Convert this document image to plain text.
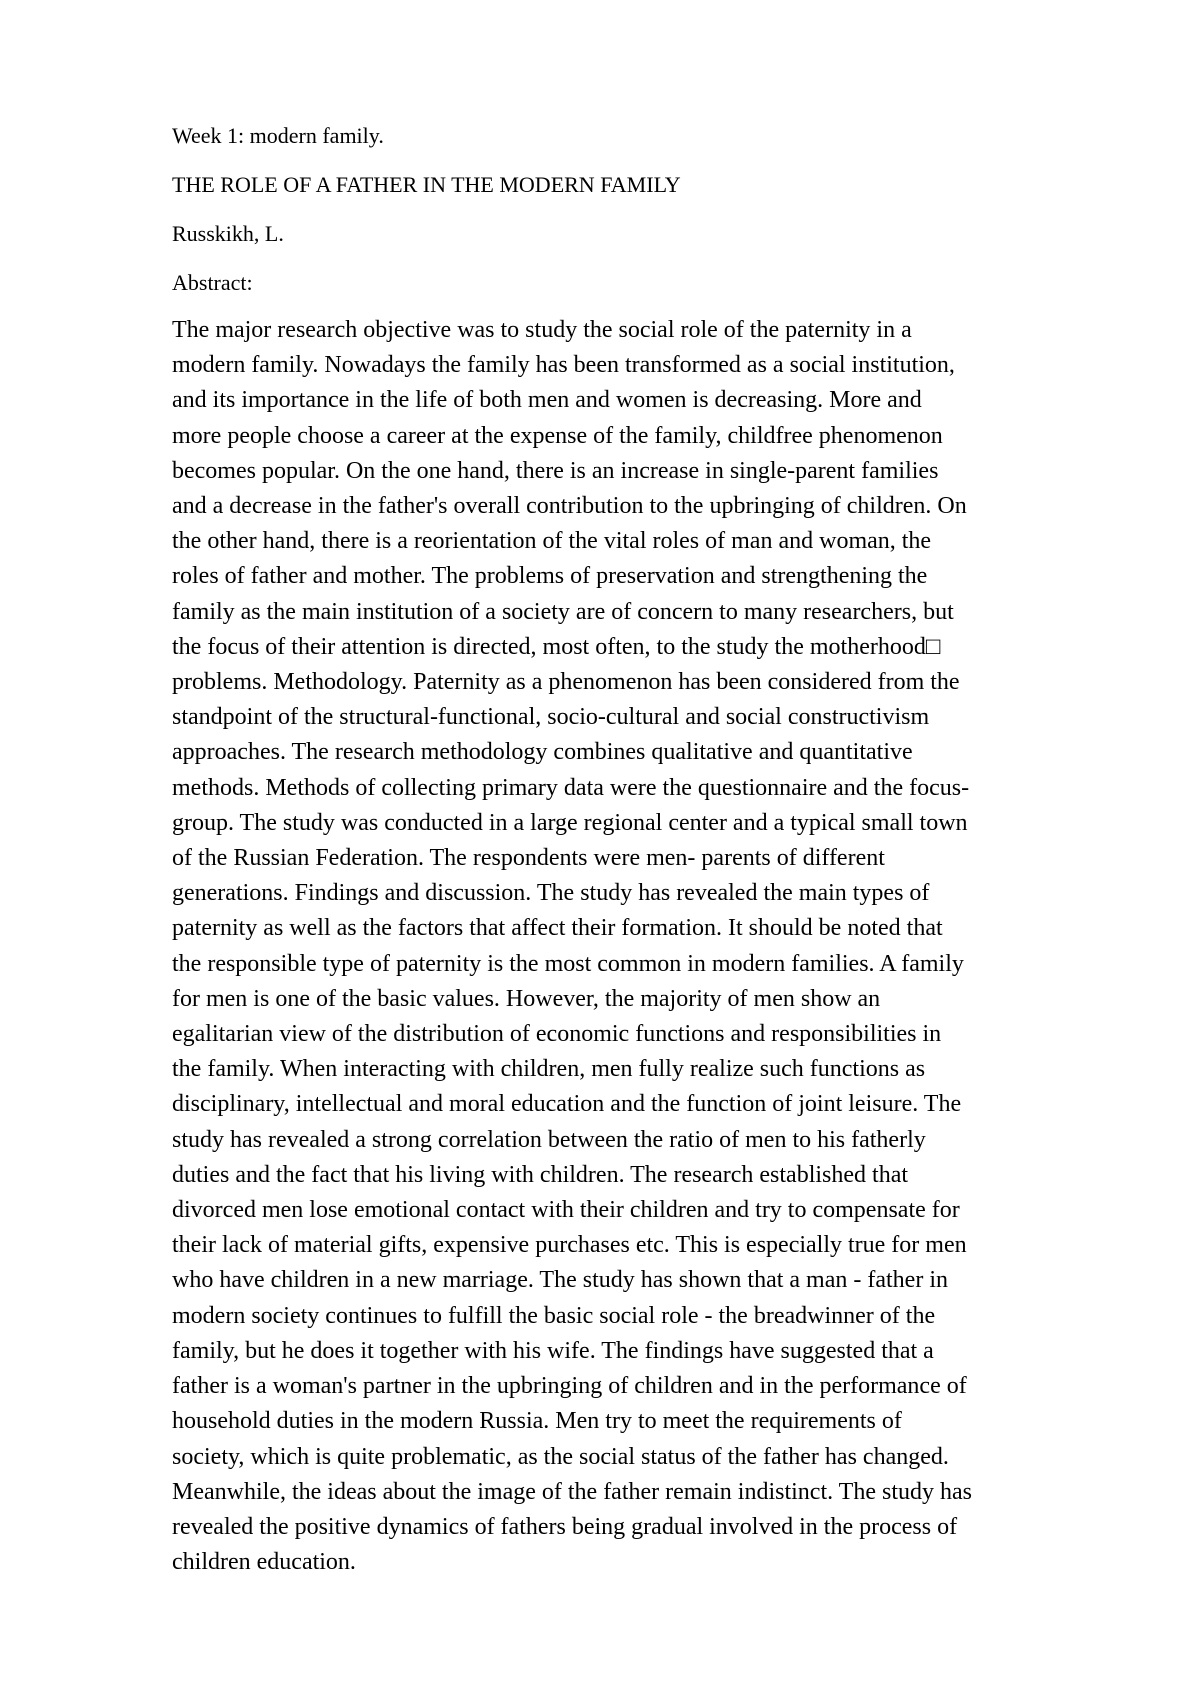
Week 1: modern family.

THE ROLE OF A FATHER IN THE MODERN FAMILY

Russkikh, L.

Abstract:

The major research objective was to study the social role of the paternity in a
modern family. Nowadays the family has been transformed as a social institution,
and its importance in the life of both men and women is decreasing. More and
more people choose a career at the expense of the family, childfree phenomenon
becomes popular. On the one hand, there is an increase in single-parent families
and a decrease in the father's overall contribution to the upbringing of children. On
the other hand, there is a reorientation of the vital roles of man and woman, the
roles of father and mother. The problems of preservation and strengthening the
family as the main institution of a society are of concern to many researchers, but
the focus of their attention is directed, most often, to the study the motherhood□
problems. Methodology. Paternity as a phenomenon has been considered from the
standpoint of the structural-functional, socio-cultural and social constructivism
approaches. The research methodology combines qualitative and quantitative
methods. Methods of collecting primary data were the questionnaire and the focus-
group. The study was conducted in a large regional center and a typical small town
of the Russian Federation. The respondents were men- parents of different
generations. Findings and discussion. The study has revealed the main types of
paternity as well as the factors that affect their formation. It should be noted that
the responsible type of paternity is the most common in modern families. A family
for men is one of the basic values. However, the majority of men show an
egalitarian view of the distribution of economic functions and responsibilities in
the family. When interacting with children, men fully realize such functions as
disciplinary, intellectual and moral education and the function of joint leisure. The
study has revealed a strong correlation between the ratio of men to his fatherly
duties and the fact that his living with children. The research established that
divorced men lose emotional contact with their children and try to compensate for
their lack of material gifts, expensive purchases etc. This is especially true for men
who have children in a new marriage. The study has shown that a man - father in
modern society continues to fulfill the basic social role - the breadwinner of the
family, but he does it together with his wife. The findings have suggested that a
father is a woman's partner in the upbringing of children and in the performance of
household duties in the modern Russia. Men try to meet the requirements of
society, which is quite problematic, as the social status of the father has changed.
Meanwhile, the ideas about the image of the father remain indistinct. The study has
revealed the positive dynamics of fathers being gradual involved in the process of
children education.
